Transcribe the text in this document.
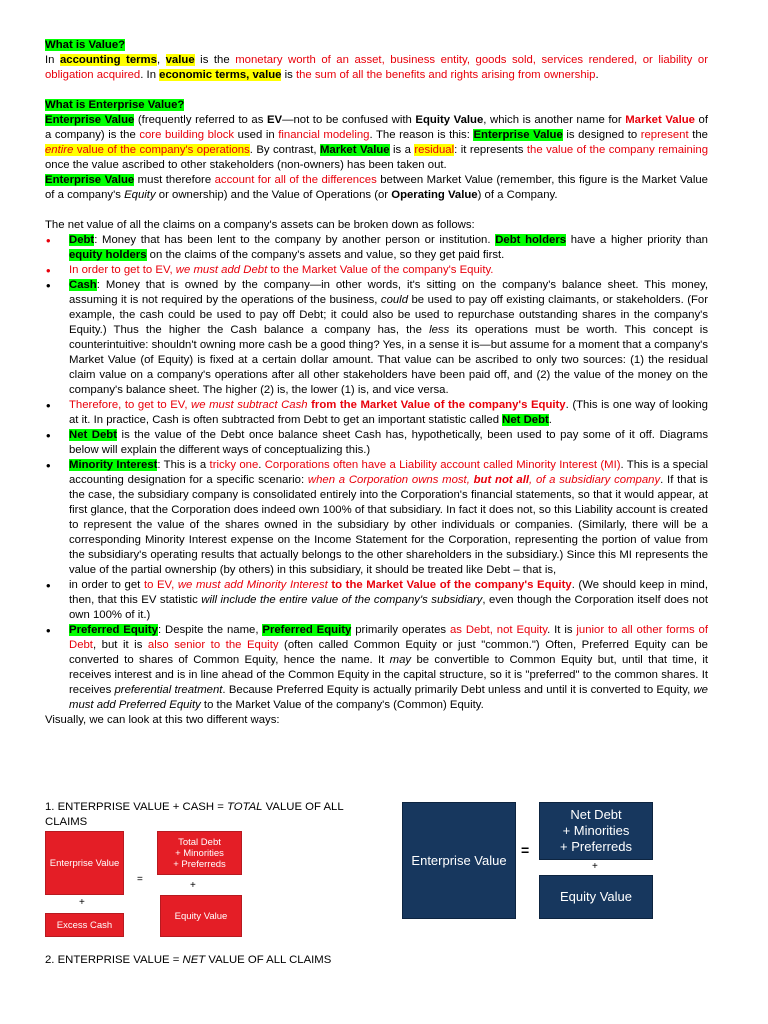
What is Value?
In accounting terms, value is the monetary worth of an asset, business entity, goods sold, services rendered, or liability or obligation acquired. In economic terms, value is the sum of all the benefits and rights arising from ownership.

What is Enterprise Value?
Enterprise Value (frequently referred to as EV—not to be confused with Equity Value, which is another name for Market Value of a company) is the core building block used in financial modeling. The reason is this: Enterprise Value is designed to represent the entire value of the company's operations. By contrast, Market Value is a residual: it represents the value of the company remaining once the value ascribed to other stakeholders (non-owners) has been taken out.

Enterprise Value must therefore account for all of the differences between Market Value (remember, this figure is the Market Value of a company's Equity or ownership) and the Value of Operations (or Operating Value) of a Company.

The net value of all the claims on a company's assets can be broken down as follows:

• Debt: Money that has been lent to the company by another person or institution. Debt holders have a higher priority than equity holders on the claims of the company's assets and value, so they get paid first.
• In order to get to EV, we must add Debt to the Market Value of the company's Equity.
• Cash: Money that is owned by the company—in other words, it's sitting on the company's balance sheet. This money, assuming it is not required by the operations of the business, could be used to pay off existing claimants, or stakeholders. (For example, the cash could be used to pay off Debt; it could also be used to repurchase outstanding shares in the company's Equity.) Thus the higher the Cash balance a company has, the less its operations must be worth. This concept is counterintuitive: shouldn't owning more cash be a good thing? Yes, in a sense it is—but assume for a moment that a company's Market Value (of Equity) is fixed at a certain dollar amount. That value can be ascribed to only two sources: (1) the residual claim value on a company's operations after all other stakeholders have been paid off, and (2) the value of the money on the company's balance sheet. The higher (2) is, the lower (1) is, and vice versa.
• Therefore, to get to EV, we must subtract Cash from the Market Value of the company's Equity. (This is one way of looking at it. In practice, Cash is often subtracted from Debt to get an important statistic called Net Debt.
• Net Debt is the value of the Debt once balance sheet Cash has, hypothetically, been used to pay some of it off. Diagrams below will explain the different ways of conceptualizing this.)
• Minority Interest: This is a tricky one. Corporations often have a Liability account called Minority Interest (MI). This is a special accounting designation for a specific scenario: when a Corporation owns most, but not all, of a subsidiary company. If that is the case, the subsidiary company is consolidated entirely into the Corporation's financial statements, so that it would appear, at first glance, that the Corporation does indeed own 100% of that subsidiary. In fact it does not, so this Liability account is created to represent the value of the shares owned in the subsidiary by other individuals or companies. (Similarly, there will be a corresponding Minority Interest expense on the Income Statement for the Corporation, representing the portion of value from the subsidiary's operating results that actually belongs to the other shareholders in the subsidiary.) Since this MI represents the value of the partial ownership (by others) in this subsidiary, it should be treated like Debt – that is,
• in order to get to EV, we must add Minority Interest to the Market Value of the company's Equity. (We should keep in mind, then, that this EV statistic will include the entire value of the company's subsidiary, even though the Corporation itself does not own 100% of it.)
• Preferred Equity: Despite the name, Preferred Equity primarily operates as Debt, not Equity. It is junior to all other forms of Debt, but it is also senior to the Equity (often called Common Equity or just "common.") Often, Preferred Equity can be converted to shares of Common Equity, hence the name. It may be convertible to Common Equity but, until that time, it receives interest and is in line ahead of the Common Equity in the capital structure, so it is "preferred" to the common shares. It receives preferential treatment. Because Preferred Equity is actually primarily Debt unless and until it is converted to Equity, we must add Preferred Equity to the Market Value of the company's (Common) Equity.

Visually, we can look at this two different ways:

1. ENTERPRISE VALUE + CASH = TOTAL VALUE OF ALL CLAIMS
Enterprise Value
+
Excess Cash
=
Total Debt
+ Minorities
+ Preferreds
+
Equity Value
Enterprise Value
=
Net Debt
+ Minorities
+ Preferreds
+
Equity Value
2. ENTERPRISE VALUE = NET VALUE OF ALL CLAIMS
